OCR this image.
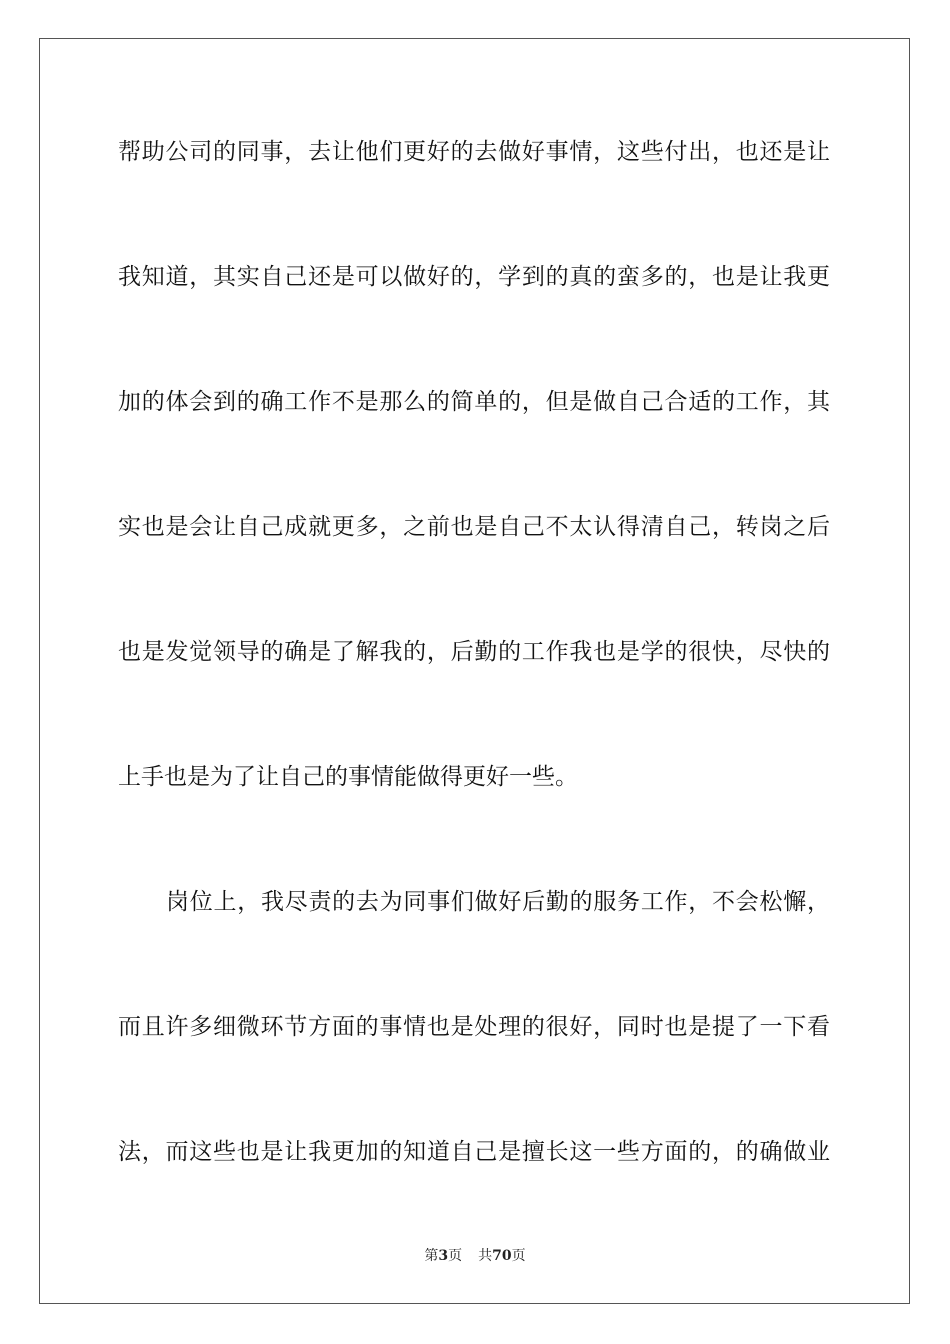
帮助公司的同事，去让他们更好的去做好事情，这些付出，也还是让
我知道，其实自己还是可以做好的，学到的真的蛮多的，也是让我更
加的体会到的确工作不是那么的简单的，但是做自己合适的工作，其
实也是会让自己成就更多，之前也是自己不太认得清自己，转岗之后
也是发觉领导的确是了解我的，后勤的工作我也是学的很快，尽快的
上手也是为了让自己的事情能做得更好一些。
岗位上，我尽责的去为同事们做好后勤的服务工作，不会松懈，
而且许多细微环节方面的事情也是处理的很好，同时也是提了一下看
法，而这些也是让我更加的知道自己是擅长这一些方面的，的确做业
第3页 共70页
